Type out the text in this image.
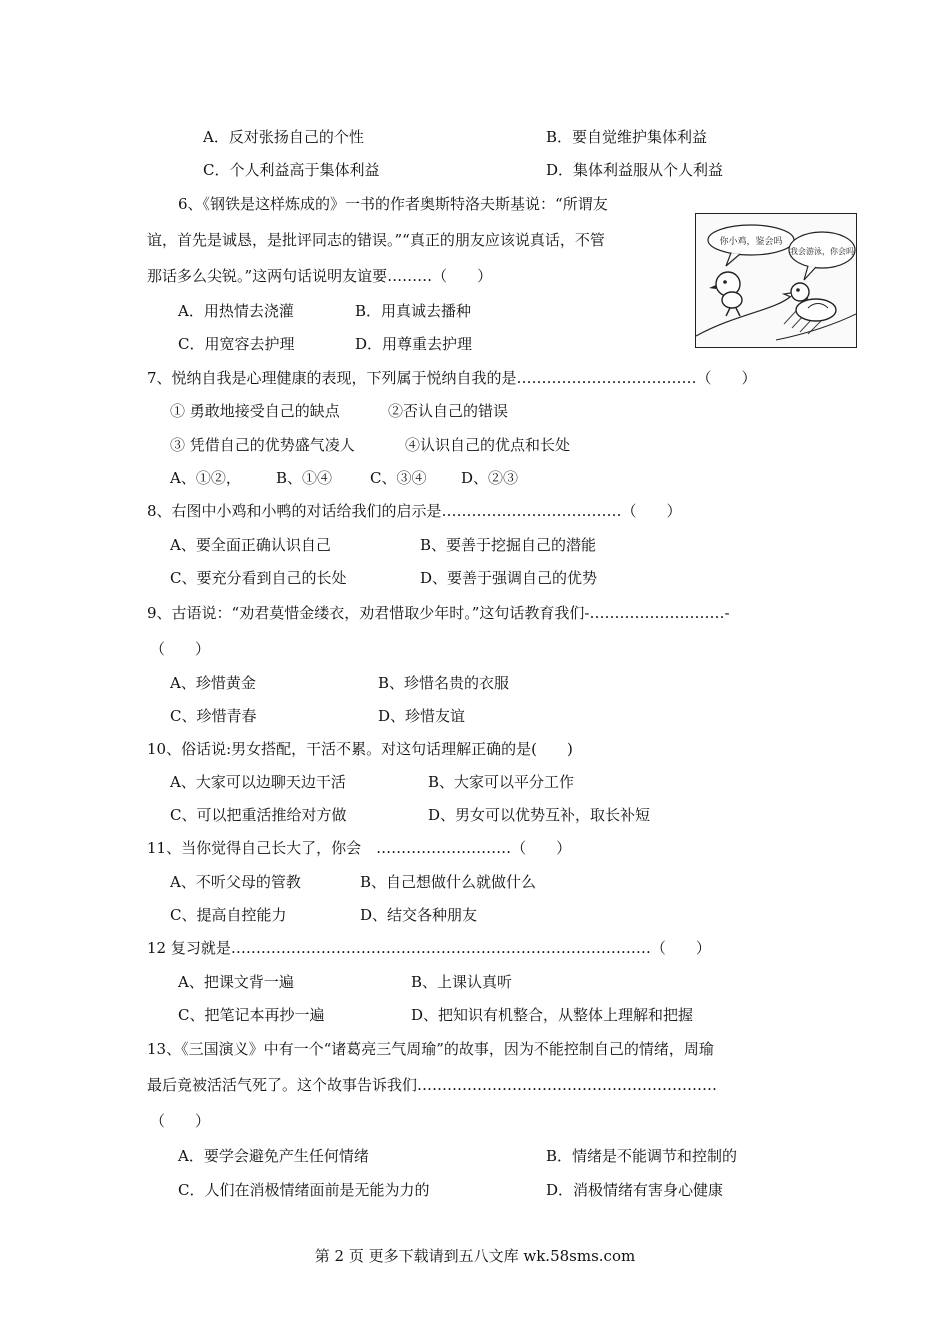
A．反对张扬自己的个性	B．要自觉维护集体利益
C．个人利益高于集体利益	D．集体利益服从个人利益
6、《钢铁是这样炼成的》一书的作者奥斯特洛夫斯基说：“所谓友
谊，首先是诚恳，是批评同志的错误。”“真正的朋友应该说真话，不管
那话多么尖锐。”这两句话说明友谊要………（　　）
A．用热情去浇灌	B．用真诚去播种
C．用宽容去护理	D．用尊重去护理
你小鸡，鉴会吗
我会游泳，你会吗
7、悦纳自我是心理健康的表现，下列属于悦纳自我的是………………………………（　　）
① 勇敢地接受自己的缺点	②否认自己的错误
③ 凭借自己的优势盛气凌人	④认识自己的优点和长处
A、①②， B、①④	C、③④ D、②③
8、右图中小鸡和小鸭的对话给我们的启示是………………………………（　　）
A、要全面正确认识自己	B、要善于挖掘自己的潜能
C、要充分看到自己的长处	D、要善于强调自己的优势
9、古语说：“劝君莫惜金缕衣，劝君惜取少年时。”这句话教育我们-………………………-
（　　）
A、珍惜黄金	B、珍惜名贵的衣服
C、珍惜青春	D、珍惜友谊
10、俗话说:男女搭配，干活不累。对这句话理解正确的是(　　)
A、大家可以边聊天边干活	B、大家可以平分工作
C、可以把重活推给对方做	D、男女可以优势互补，取长补短
11、当你觉得自己长大了，你会　………………………（　　）
A、不听父母的管教	B、自己想做什么就做什么
C、提高自控能力	D、结交各种朋友
12 复习就是…………………………………………………………………………（　　）
A、把课文背一遍	B、上课认真听
C、把笔记本再抄一遍	D、把知识有机整合，从整体上理解和把握
13、《三国演义》中有一个“诸葛亮三气周瑜”的故事，因为不能控制自己的情绪，周瑜
最后竟被活活气死了。这个故事告诉我们……………………………………………………
（　　）
A．要学会避免产生任何情绪	B．情绪是不能调节和控制的
C．人们在消极情绪面前是无能为力的	D．消极情绪有害身心健康
第 2 页 更多下载请到五八文库 wk.58sms.com
